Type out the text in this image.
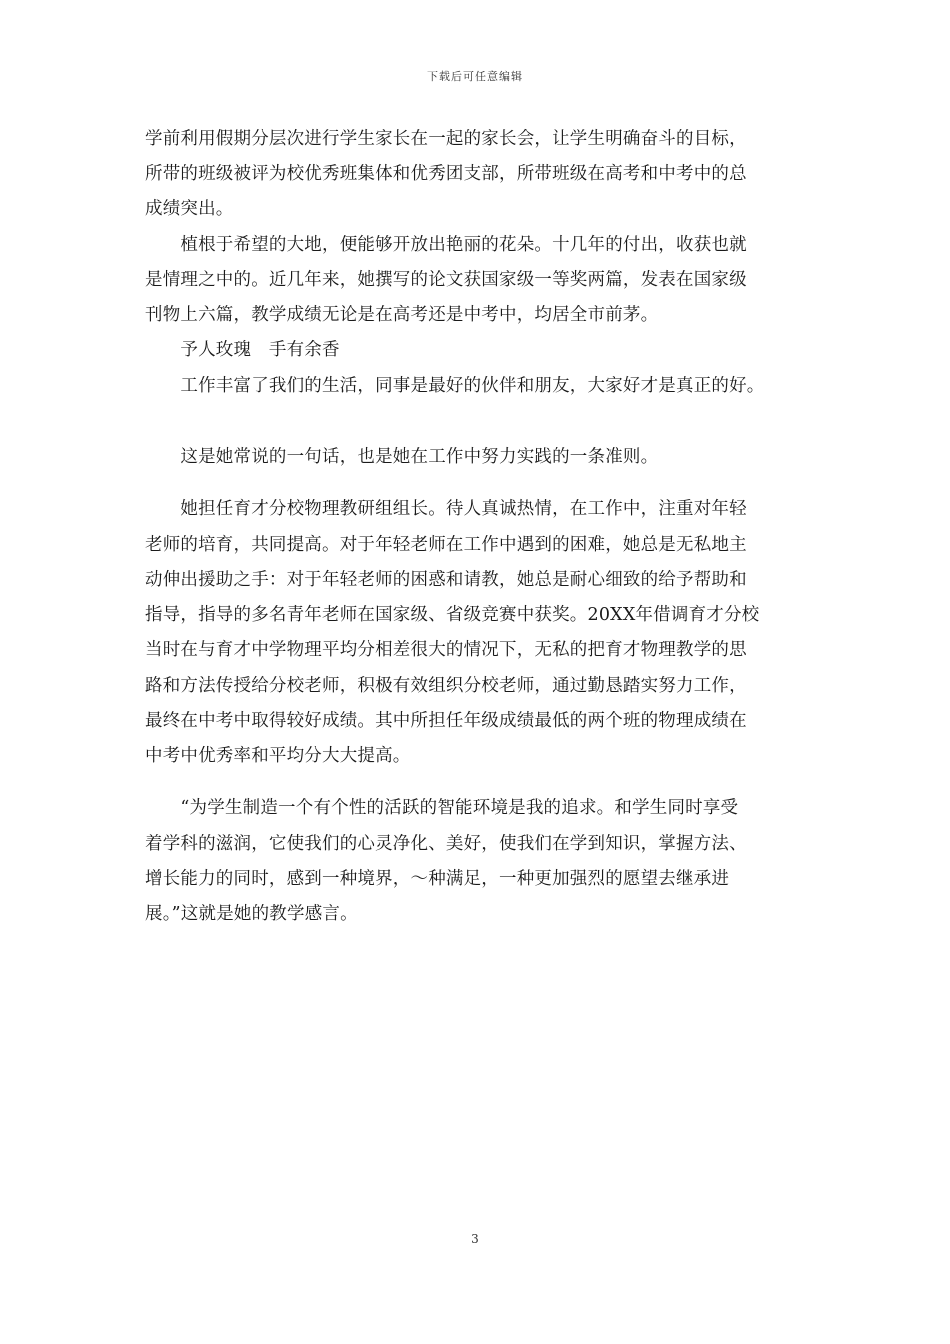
下载后可任意编辑
学前利用假期分层次进行学生家长在一起的家长会，让学生明确奋斗的目标，
所带的班级被评为校优秀班集体和优秀团支部，所带班级在高考和中考中的总
成绩突出。
　　植根于希望的大地，便能够开放出艳丽的花朵。十几年的付出，收获也就
是情理之中的。近几年来，她撰写的论文获国家级一等奖两篇，发表在国家级
刊物上六篇，教学成绩无论是在高考还是中考中，均居全市前茅。
　　予人玫瑰　手有余香
　　工作丰富了我们的生活，同事是最好的伙伴和朋友，大家好才是真正的好。
　　这是她常说的一句话，也是她在工作中努力实践的一条准则。
　　她担任育才分校物理教研组组长。待人真诚热情，在工作中，注重对年轻
老师的培育，共同提高。对于年轻老师在工作中遇到的困难，她总是无私地主
动伸出援助之手：对于年轻老师的困惑和请教，她总是耐心细致的给予帮助和
指导，指导的多名青年老师在国家级、省级竞赛中获奖。20XX年借调育才分校
当时在与育才中学物理平均分相差很大的情况下，无私的把育才物理教学的思
路和方法传授给分校老师，积极有效组织分校老师，通过勤恳踏实努力工作，
最终在中考中取得较好成绩。其中所担任年级成绩最低的两个班的物理成绩在
中考中优秀率和平均分大大提高。
　　“为学生制造一个有个性的活跃的智能环境是我的追求。和学生同时享受
着学科的滋润，它使我们的心灵净化、美好，使我们在学到知识，掌握方法、
增长能力的同时，感到一种境界，～种满足，一种更加强烈的愿望去继承进
展。”这就是她的教学感言。
3
